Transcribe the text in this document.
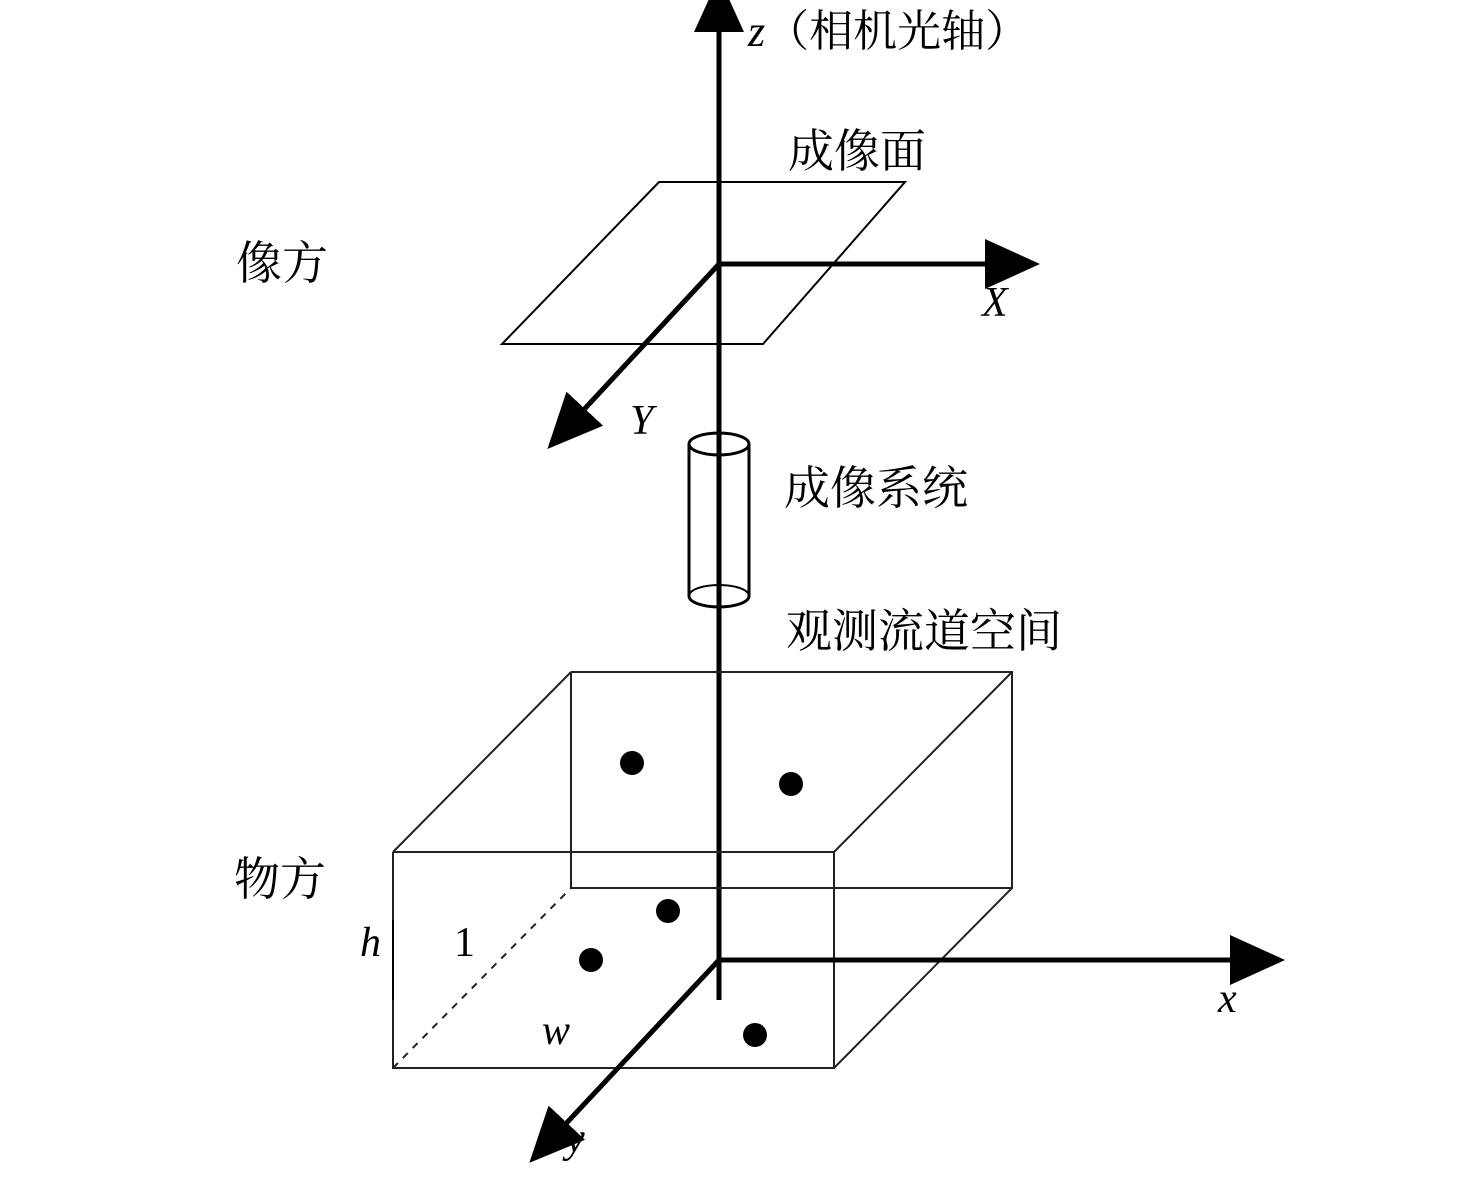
z（相机光轴）
成像面
像方
X
Y
成像系统
观测流道空间
物方
h 1
w
x
y
